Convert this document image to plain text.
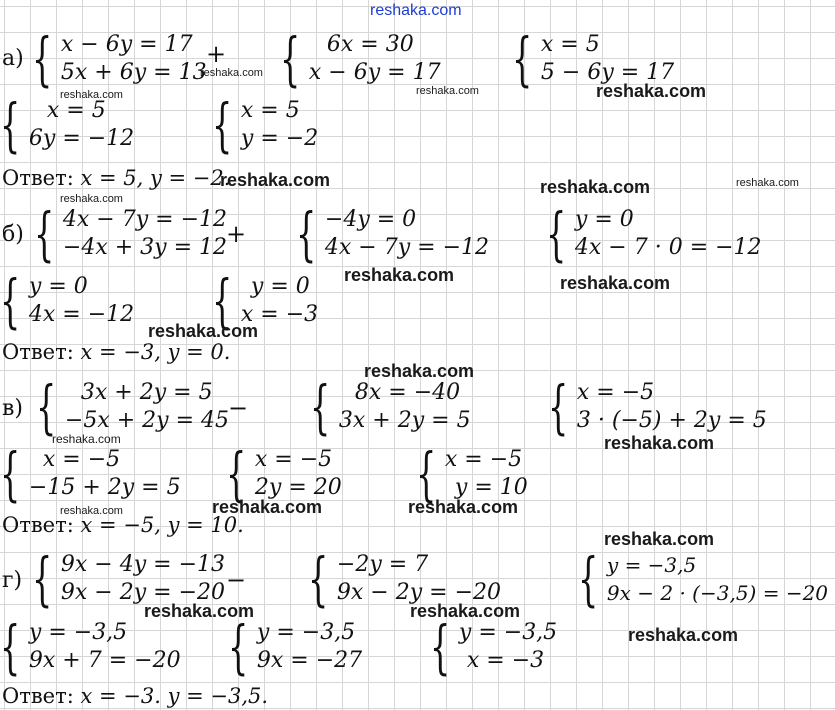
reshaka.com
а) { x − 6y = 17
5x + 6y = 13
+ {	6x = 30
x − 6y = 17 { x = 5
5 − 6y = 17
{	x = 5
6y = −12 { x = 5
y = −2
Ответ: x = 5, y = −2.
б) { 4x − 7y = −12
−4x + 3y = 12
+ { −4y = 0
4x − 7y = −12 { y = 0
4x − 7 · 0 = −12
{ y = 0
4x = −12 { y = 0
x = −3
Ответ: x = −3, y = 0.
в) {	3x + 2y = 5
−5x + 2y = 45
− {	8x = −40
3x + 2y = 5 { x = −5
3 · (−5) + 2y = 5
{	x = −5
−15 + 2y = 5 { x = −5
2y = 20 { x = −5
y = 10
Ответ: x = −5, y = 10.
г) { 9x − 4y = −13
9x − 2y = −20 − { −2y = 7
9x − 2y = −20 { y = −3,5
9x − 2 · (−3,5) = −20
{ y = −3,5
9x + 7 = −20 { y = −3,5
9x = −27 { y = −3,5
x = −3
Ответ: x = −3. y = −3,5.
reshaka.com
reshaka.com	reshaka.com	reshaka.com
reshaka.com	reshaka.com	reshaka.com
reshaka.com
reshaka.com	reshaka.com
reshaka.com
reshaka.com
reshaka.com	reshaka.com
reshaka.com	reshaka.com	reshaka.com
reshaka.com
reshaka.com	reshaka.com
reshaka.com
